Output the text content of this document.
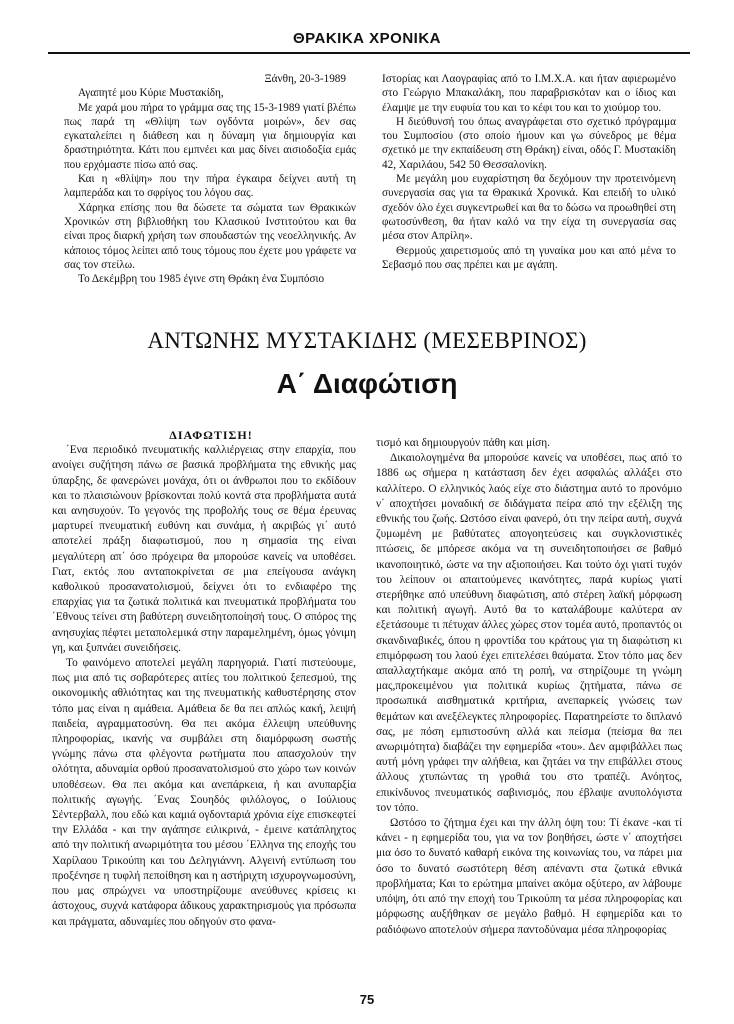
ΘΡΑΚΙΚΑ ΧΡΟΝΙΚΑ

Ξάνθη, 20-3-1989

Αγαπητέ μου Κύριε Μυστακίδη,

Με χαρά μου πήρα το γράμμα σας της 15-3-1989 γιατί βλέπω πως παρά τη «Θλίψη των ογδόντα μοιρών», δεν σας εγκαταλείπει η διάθεση και η δύναμη για δημιουργία και δραστηριότητα. Κάτι που εμπνέει και μας δίνει αισιοδοξία εμάς που ερχόμαστε πίσω από σας.

Και η «θλίψη» που την πήρα έγκαιρα δείχνει αυτή τη λαμπεράδα και το σφρίγος του λόγου σας.

Χάρηκα επίσης που θα δώσετε τα σώματα των Θρακικών Χρονικών στη βιβλιοθήκη του Κλασικού Ινστιτούτου και θα είναι προς διαρκή χρήση των σπουδαστών της νεοελληνικής. Αν κάποιος τόμος λείπει από τους τόμους που έχετε μου γράφετε να σας τον στείλω.

Το Δεκέμβρη του 1985 έγινε στη Θράκη ένα Συμπόσιο

Ιστορίας και Λαογραφίας από το Ι.Μ.Χ.Α. και ήταν αφιερωμένο στο Γεώργιο Μπακαλάκη, που παραβρισκόταν και ο ίδιος και έλαμψε με την ευφυία του και το κέφι του και το χιούμορ του.

Η διεύθυνσή του όπως αναγράφεται στο σχετικό πρόγραμμα του Συμποσίου (στο οποίο ήμουν και γω σύνεδρος με θέμα σχετικό με την εκπαίδευση στη Θράκη) είναι, οδός Γ. Μυστακίδη 42, Χαριλάου, 542 50 Θεσσαλονίκη.

Με μεγάλη μου ευχαρίστηση θα δεχόμουν την προτεινόμενη συνεργασία σας για τα Θρακικά Χρονικά. Και επειδή το υλικό σχεδόν όλο έχει συγκεντρωθεί και θα το δώσω να προωθηθεί στη φωτοσύνθεση, θα ήταν καλό να την είχα τη συνεργασία σας μέσα στον Απρίλη».

Θερμούς χαιρετισμούς από τη γυναίκα μου και από μένα το Σεβασμό που σας πρέπει και με αγάπη.

ΑΝΤΩΝΗΣ ΜΥΣΤΑΚΙΔΗΣ (ΜΕΣΕΒΡΙΝΟΣ)
Α΄ Διαφώτιση

ΔΙΑΦΩΤΙΣΗ!

΄Ενα περιοδικό πνευματικής καλλιέργειας στην επαρχία, που ανοίγει συζήτηση πάνω σε βασικά προβλήματα της εθνικής μας ύπαρξης, δε φανερώνει μονάχα, ότι οι άνθρωποι που το εκδίδουν και το πλαισιώνουν βρίσκονται πολύ κοντά στα προβλήματα αυτά και ανησυχούν. Το γεγονός της προβολής τους σε θέμα έρευνας μαρτυρεί πνευματική ευθύνη και συνάμα, ή ακριβώς γι΄ αυτό αποτελεί πράξη διαφωτισμού, που η σημασία της είναι μεγαλύτερη απ΄ όσο πρόχειρα θα μπορούσε κανείς να υποθέσει. Γιατ, εκτός που ανταποκρίνεται σε μια επείγουσα ανάγκη καθολικού προσανατολισμού, δείχνει ότι το ενδιαφέρο της επαρχίας για τα ζωτικά πολιτικά και πνευματικά προβλήματα του ΄Εθνους τείνει στη βαθύτερη συνειδητοποίησή τους. Ο σπόρος της ανησυχίας πέφτει μεταπολεμικά στην παραμελημένη, όμως γόνιμη γη, και ξυπνάει συνειδήσεις.

Το φαινόμενο αποτελεί μεγάλη παρηγοριά. Γιατί πιστεύουμε, πως μια από τις σοβαρότερες αιτίες του πολιτικού ξεπεσμού, της οικονομικής αθλιότητας και της πνευματικής καθυστέρησης στον τόπο μας είναι η αμάθεια. Αμάθεια δε θα πει απλώς κακή, λειψή παιδεία, αγραμματοσύνη. Θα πει ακόμα έλλειψη υπεύθυνης πληροφορίας, ικανής να συμβάλει στη διαμόρφωση σωστής γνώμης πάνω στα φλέγοντα ρωτήματα που απασχολούν την ολότητα, αδυναμία ορθού προσανατολισμού στο χώρο των κοινών υποθέσεων. Θα πει ακόμα και ανεπάρκεια, ή και ανυπαρξία πολιτικής αγωγής. ΄Ενας Σουηδός φιλόλογος, ο Ιούλιους Σέντερβαλλ, που εδώ και καμιά ογδονταριά χρόνια είχε επισκεφτεί την Ελλάδα - και την αγάπησε ειλικρινά, - έμεινε κατάπληχτος από την πολιτική ανωριμότητα του μέσου ΄Ελληνα της εποχής του Χαρίλαου Τρικούπη και του Δεληγιάννη. Αλγεινή εντύπωση του προξένησε η τυφλή πεποίθηση και η αστήριχτη ισχυρογνωμοσύνη, που μας σπρώχνει να υποστηρίζουμε ανεύθυνες κρίσεις κι άστοχους, συχνά κατάφορα άδικους χαρακτηρισμούς για πρόσωπα και πράγματα, αδυναμίες που οδηγούν στο φανα-

τισμό και δημιουργούν πάθη και μίση.

Δικαιολογημένα θα μπορούσε κανείς να υποθέσει, πως από το 1886 ως σήμερα η κατάσταση δεν έχει ασφαλώς αλλάξει στο καλλίτερο. Ο ελληνικός λαός είχε στο διάστημα αυτό το προνόμιο ν΄ αποχτήσει μοναδική σε διδάγματα πείρα από την εξέλιξη της εθνικής του ζωής. Ωστόσο είναι φανερό, ότι την πείρα αυτή, συχνά ζυμωμένη με βαθύτατες απογοητεύσεις και συγκλονιστικές πτώσεις, δε μπόρεσε ακόμα να τη συνειδητοποιήσει σε βαθμό ικανοποιητικό, ώστε να την αξιοποιήσει. Και τούτο όχι γιατί τυχόν του λείπουν οι απαιτούμενες ικανότητες, παρά κυρίως γιατί στερήθηκε από υπεύθυνη διαφώτιση, από στέρεη λαϊκή μόρφωση και πολιτική αγωγή. Αυτό θα το καταλάβουμε καλύτερα αν εξετάσουμε τι πέτυχαν άλλες χώρες στον τομέα αυτό, προπαντός οι σκανδιναβικές, όπου η φροντίδα του κράτους για τη διαφώτιση κι επιμόρφωση του λαού έχει επιτελέσει θαύματα. Στον τόπο μας δεν απαλλαχτήκαμε ακόμα από τη ροπή, να στηρίζουμε τη γνώμη μας,προκειμένου για πολιτικά κυρίως ζητήματα, πάνω σε προσωπικά αισθηματικά κριτήρια, ανεπαρκείς γνώσεις των θεμάτων και ανεξέλεγκτες πληροφορίες. Παρατηρείστε το διπλανό σας, με πόση εμπιστοσύνη αλλά και πείσμα (πείσμα θα πει ανωριμότητα) διαβάζει την εφημερίδα «του». Δεν αμφιβάλλει πως αυτή μόνη γράφει την αλήθεια, και ζητάει να την επιβάλλει στους άλλους χτυπώντας τη γροθιά του στο τραπέζι. Ανόητος, επικίνδυνος πνευματικός σαβινισμός, που έβλαψε ανυπολόγιστα τον τόπο.

Ωστόσο το ζήτημα έχει και την άλλη όψη του: Τί έκανε -και τί κάνει - η εφημερίδα του, για να τον βοηθήσει, ώστε ν΄ αποχτήσει μια όσο το δυνατό καθαρή εικόνα της κοινωνίας του, να πάρει μια όσο το δυνατό σωστότερη θέση απέναντι στα ζωτικά εθνικά προβλήματα; Και το ερώτημα μπαίνει ακόμα οξύτερο, αν λάβουμε υπόψη, ότι από την εποχή του Τρικούπη τα μέσα πληροφορίας και μόρφωσης αυξήθηκαν σε μεγάλο βαθμό. Η εφημερίδα και το ραδιόφωνο αποτελούν σήμερα παντοδύναμα μέσα πληροφορίας

75
